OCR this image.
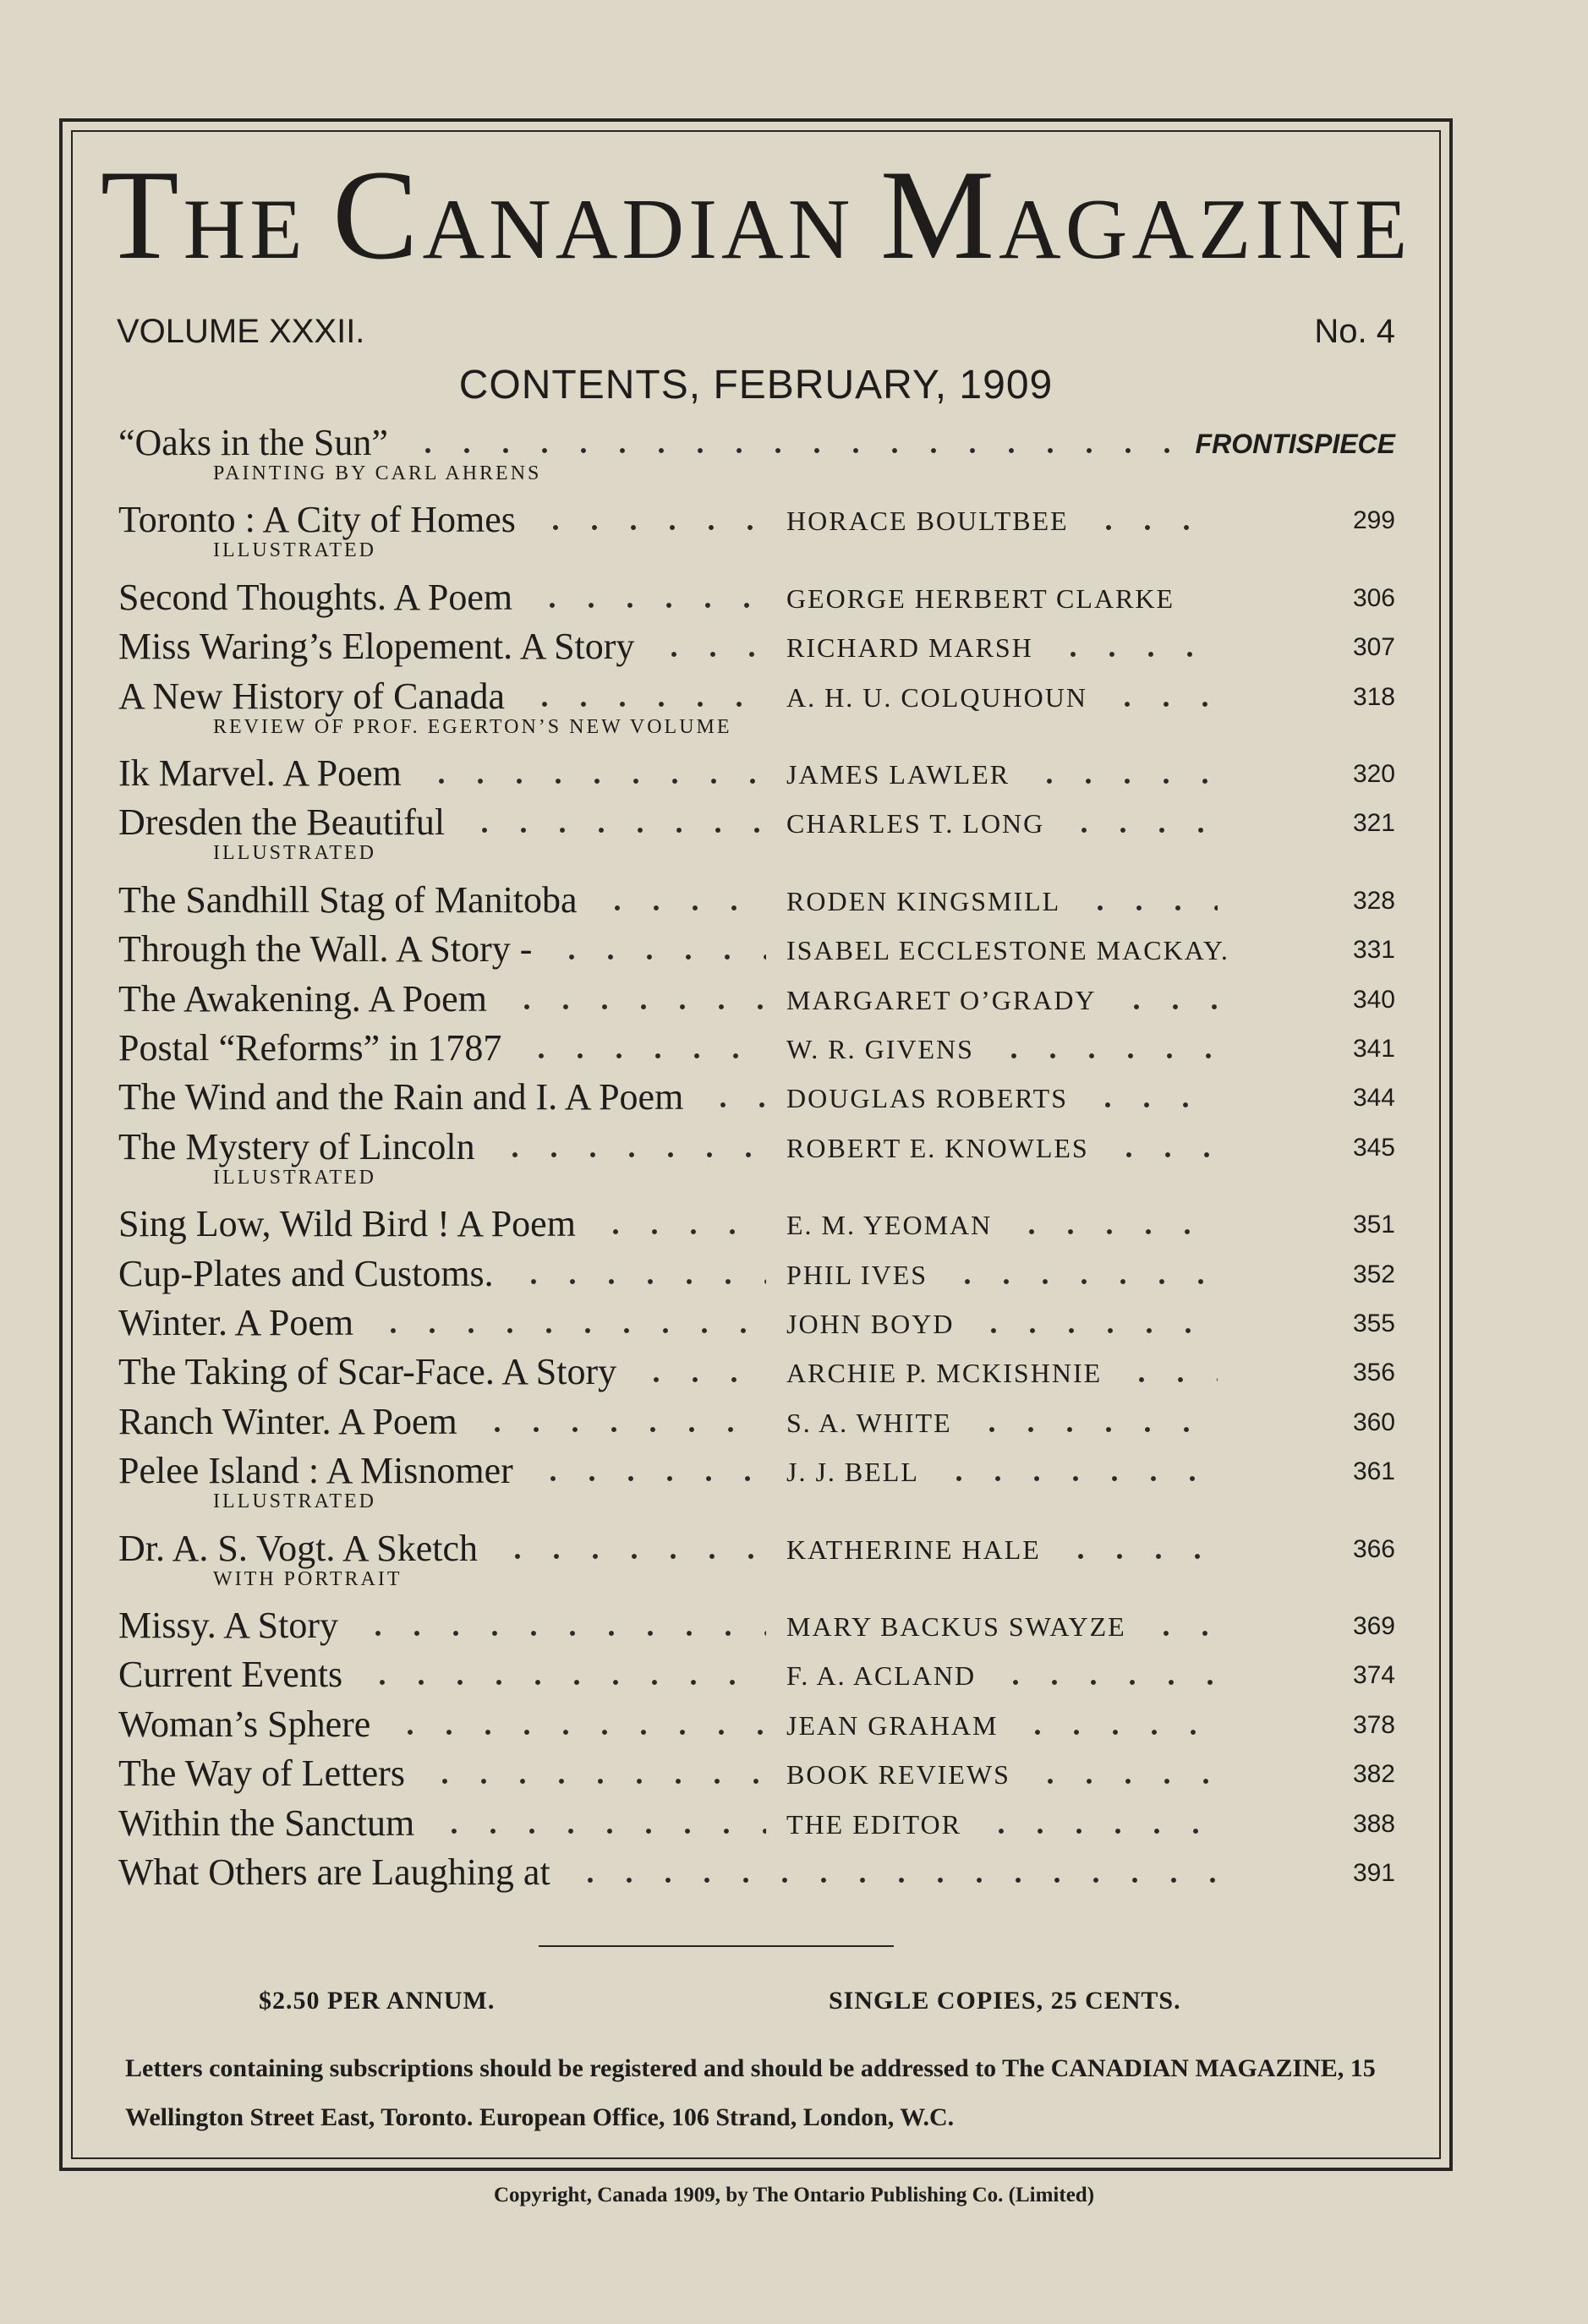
THE CANADIAN MAGAZINE
VOLUME XXXII.	No. 4
CONTENTS, FEBRUARY, 1909
“Oaks in the Sun”	FRONTISPIECE
PAINTING BY CARL AHRENS
Toronto : A City of Homes	HORACE BOULTBEE	299
ILLUSTRATED
Second Thoughts. A Poem	GEORGE HERBERT CLARKE	306
Miss Waring’s Elopement. A Story	RICHARD MARSH	307
A New History of Canada	A. H. U. COLQUHOUN	318
REVIEW OF PROF. EGERTON’S NEW VOLUME
Ik Marvel. A Poem	JAMES LAWLER	320
Dresden the Beautiful	CHARLES T. LONG	321
ILLUSTRATED
The Sandhill Stag of Manitoba	RODEN KINGSMILL	328
Through the Wall. A Story -	ISABEL ECCLESTONE MACKAY.	331
The Awakening. A Poem	MARGARET O’GRADY	340
Postal “Reforms” in 1787	W. R. GIVENS	341
The Wind and the Rain and I. A Poem	DOUGLAS ROBERTS	344
The Mystery of Lincoln	ROBERT E. KNOWLES	345
ILLUSTRATED
Sing Low, Wild Bird ! A Poem	E. M. YEOMAN	351
Cup-Plates and Customs.	PHIL IVES	352
Winter. A Poem	JOHN BOYD	355
The Taking of Scar-Face. A Story	ARCHIE P. MCKISHNIE	356
Ranch Winter. A Poem	S. A. WHITE	360
Pelee Island : A Misnomer	J. J. BELL	361
ILLUSTRATED
Dr. A. S. Vogt. A Sketch	KATHERINE HALE	366
WITH PORTRAIT
Missy. A Story	MARY BACKUS SWAYZE	369
Current Events	F. A. ACLAND	374
Woman’s Sphere	JEAN GRAHAM	378
The Way of Letters	BOOK REVIEWS	382
Within the Sanctum	THE EDITOR	388
What Others are Laughing at	391
$2.50 PER ANNUM.	SINGLE COPIES, 25 CENTS.
Letters containing subscriptions should be registered and should be addressed to The CANADIAN MAGAZINE, 15 Wellington Street East, Toronto. European Office, 106 Strand, London, W.C.
Copyright, Canada 1909, by The Ontario Publishing Co. (Limited)
